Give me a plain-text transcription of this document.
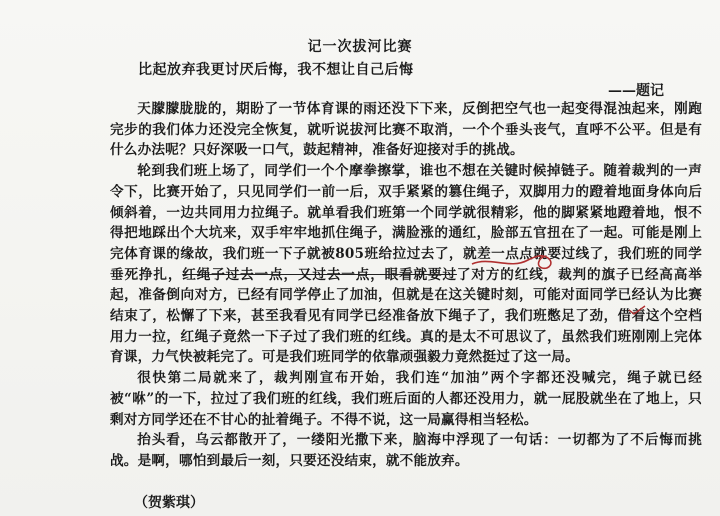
记一次拔河比赛
比起放弃我更讨厌后悔，我不想让自己后悔
——题记

天朦朦胧胧的，期盼了一节体育课的雨还没下下来，反倒把空气也一起变得混浊起来，刚跑完步的我们体力还没完全恢复，就听说拔河比赛不取消，一个个垂头丧气，直呼不公平。但是有什么办法呢？只好深吸一口气，鼓起精神，准备好迎接对手的挑战。

轮到我们班上场了，同学们一个个摩拳擦掌，谁也不想在关键时候掉链子。随着裁判的一声令下，比赛开始了，只见同学们一前一后，双手紧紧的篡住绳子，双脚用力的蹬着地面身体向后倾斜着，一边共同用力拉绳子。就单看我们班第一个同学就很精彩，他的脚紧紧地蹬着地，恨不得把地踩出个大坑来，双手牢牢地抓住绳子，满脸涨的通红，脸部五官扭在了一起。可能是刚上完体育课的缘故，我们班一下子就被805班给拉过去了，就差一点点就要过线了，我们班的同学垂死挣扎，红绳子过去一点，又过去一点，眼看就要过了对方的红线，裁判的旗子已经高高举起，准备倒向对方，已经有同学停止了加油，但就是在这关键时刻，可能对面同学已经认为比赛结束了，松懈了下来，甚至我看见有同学已经准备放下绳子了，我们班憋足了劲，借着这个空档用力一拉，红绳子竟然一下子过了我们班的红线。真的是太不可思议了，虽然我们班刚刚上完体育课，力气快被耗完了。可是我们班同学的依靠顽强毅力竟然挺过了这一局。

很快第二局就来了，裁判刚宣布开始，我们连“加油”两个字都还没喊完，绳子就已经被“咻”的一下，拉过了我们班的红线，我们班后面的人都还没用力，就一屁股就坐在了地上，只剩对方同学还在不甘心的扯着绳子。不得不说，这一局赢得相当轻松。

抬头看，乌云都散开了，一缕阳光撒下来，脑海中浮现了一句话：一切都为了不后悔而挑战。是啊，哪怕到最后一刻，只要还没结束，就不能放弃。

（贺紫琪）
